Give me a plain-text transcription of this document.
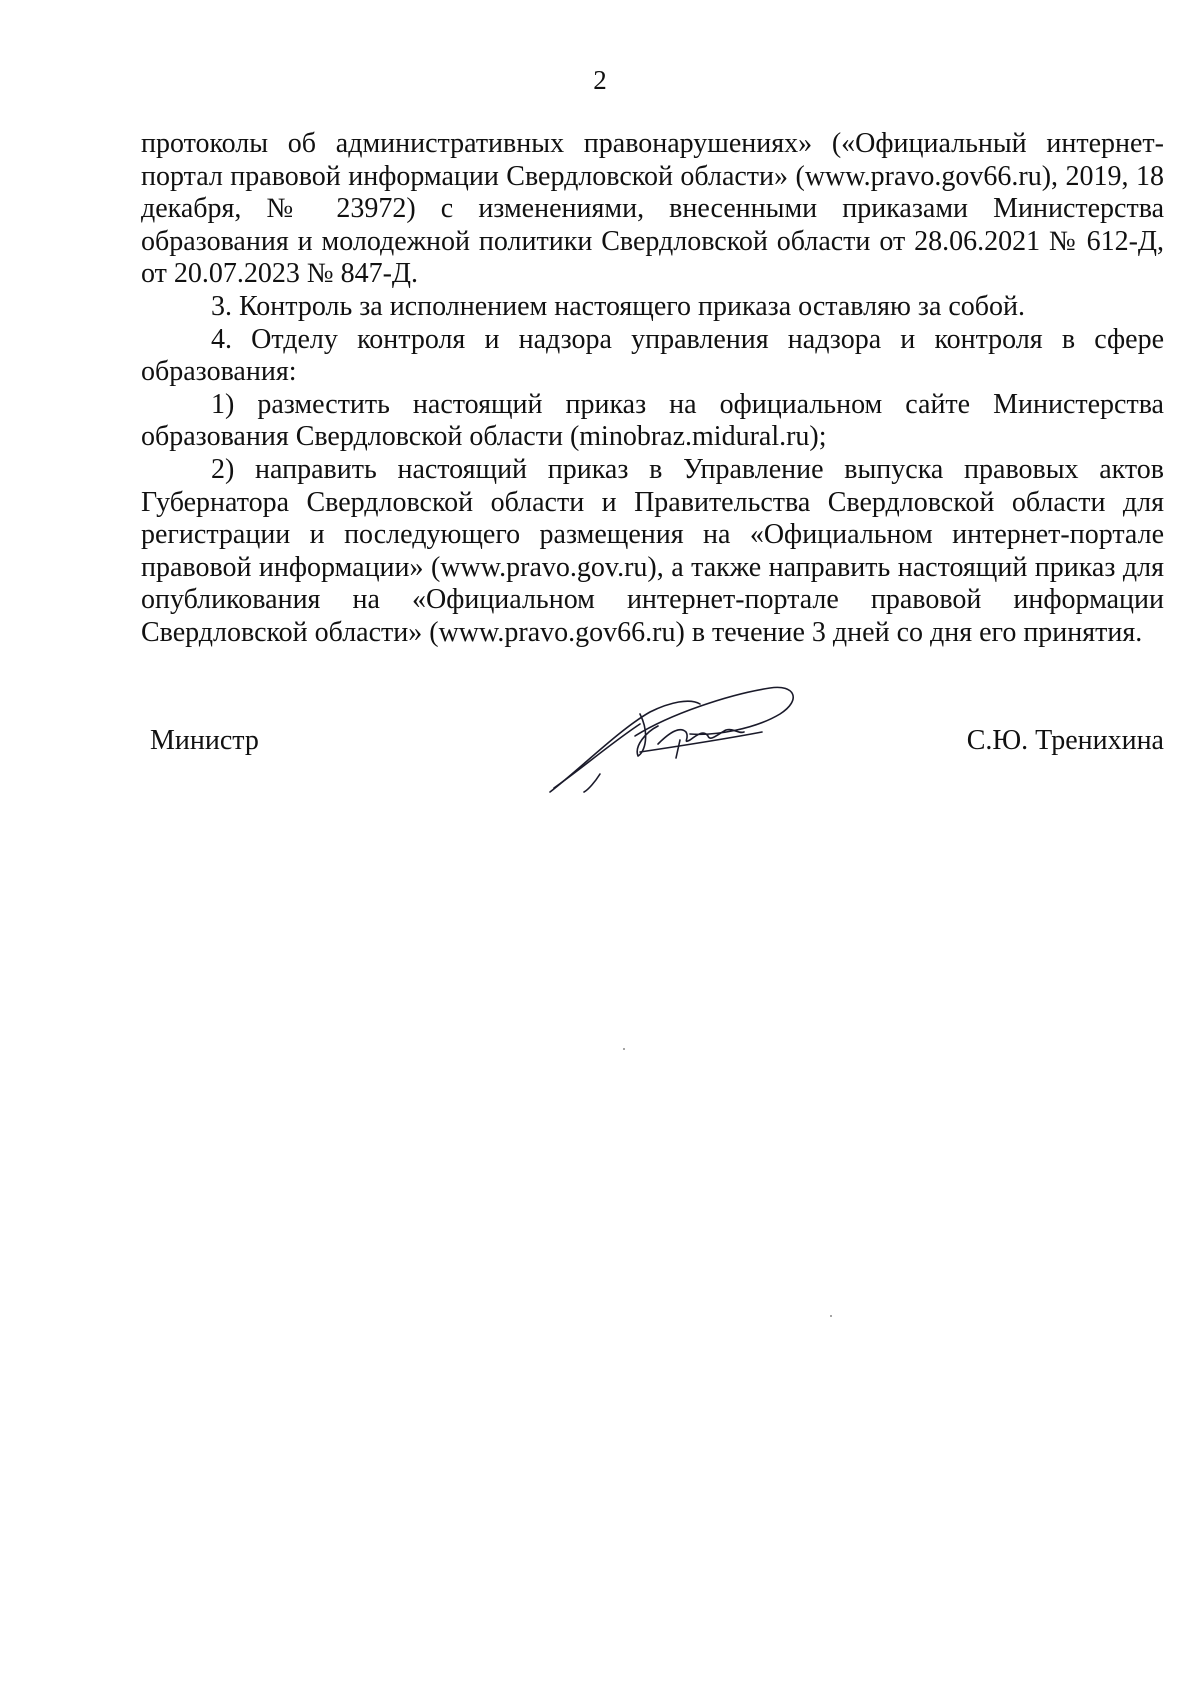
2

протоколы об административных правонарушениях» («Официальный интернет-портал правовой информации Свердловской области» (www.pravo.gov66.ru), 2019, 18 декабря, № 23972) с изменениями, внесенными приказами Министерства образования и молодежной политики Свердловской области от 28.06.2021 № 612-Д, от 20.07.2023 № 847-Д.

3. Контроль за исполнением настоящего приказа оставляю за собой.

4. Отделу контроля и надзора управления надзора и контроля в сфере образования:

1) разместить настоящий приказ на официальном сайте Министерства образования Свердловской области (minobraz.midural.ru);

2) направить настоящий приказ в Управление выпуска правовых актов Губернатора Свердловской области и Правительства Свердловской области для регистрации и последующего размещения на «Официальном интернет-портале правовой информации» (www.pravo.gov.ru), а также направить настоящий приказ для опубликования на «Официальном интернет-портале правовой информации Свердловской области» (www.pravo.gov66.ru) в течение 3 дней со дня его принятия.

Министр	С.Ю. Тренихина
